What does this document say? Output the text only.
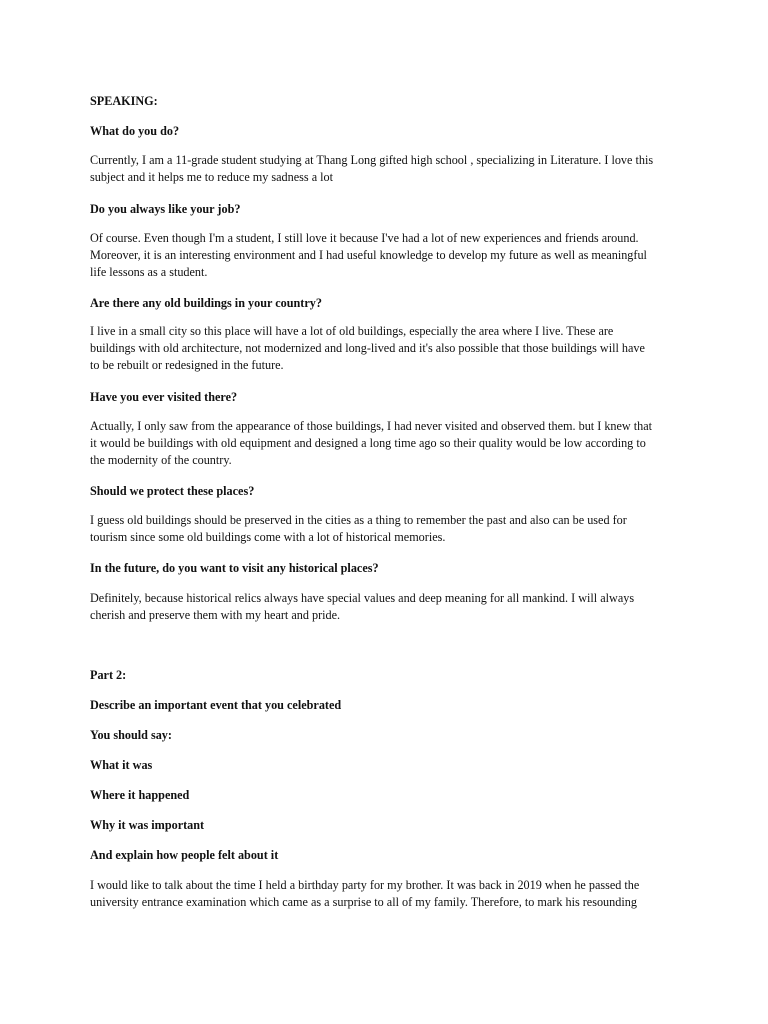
SPEAKING:

What do you do?

Currently, I am a 11-grade student studying at Thang Long gifted high school , specializing in Literature. I love this
subject and it helps me to reduce my sadness a lot

Do you always like your job?

Of course. Even though I'm a student, I still love it because I've had a lot of new experiences and friends around.
Moreover, it is an interesting environment and I had useful knowledge to develop my future as well as meaningful
life lessons as a student.

Are there any old buildings in your country?

I live in a small city so this place will have a lot of old buildings, especially the area where I live. These are
buildings with old architecture, not modernized and long-lived and it's also possible that those buildings will have
to be rebuilt or redesigned in the future.

Have you ever visited there?

Actually, I only saw from the appearance of those buildings, I had never visited and observed them. but I knew that
it would be buildings with old equipment and designed a long time ago so their quality would be low according to
the modernity of the country.

Should we protect these places?

I guess old buildings should be preserved in the cities as a thing to remember the past and also can be used for
tourism since some old buildings come with a lot of historical memories.

In the future, do you want to visit any historical places?

Definitely, because historical relics always have special values and deep meaning for all mankind. I will always
cherish and preserve them with my heart and pride.

Part 2:

Describe an important event that you celebrated

You should say:

What it was

Where it happened

Why it was important

And explain how people felt about it

I would like to talk about the time I held a birthday party for my brother. It was back in 2019 when he passed the
university entrance examination which came as a surprise to all of my family. Therefore, to mark his resounding
